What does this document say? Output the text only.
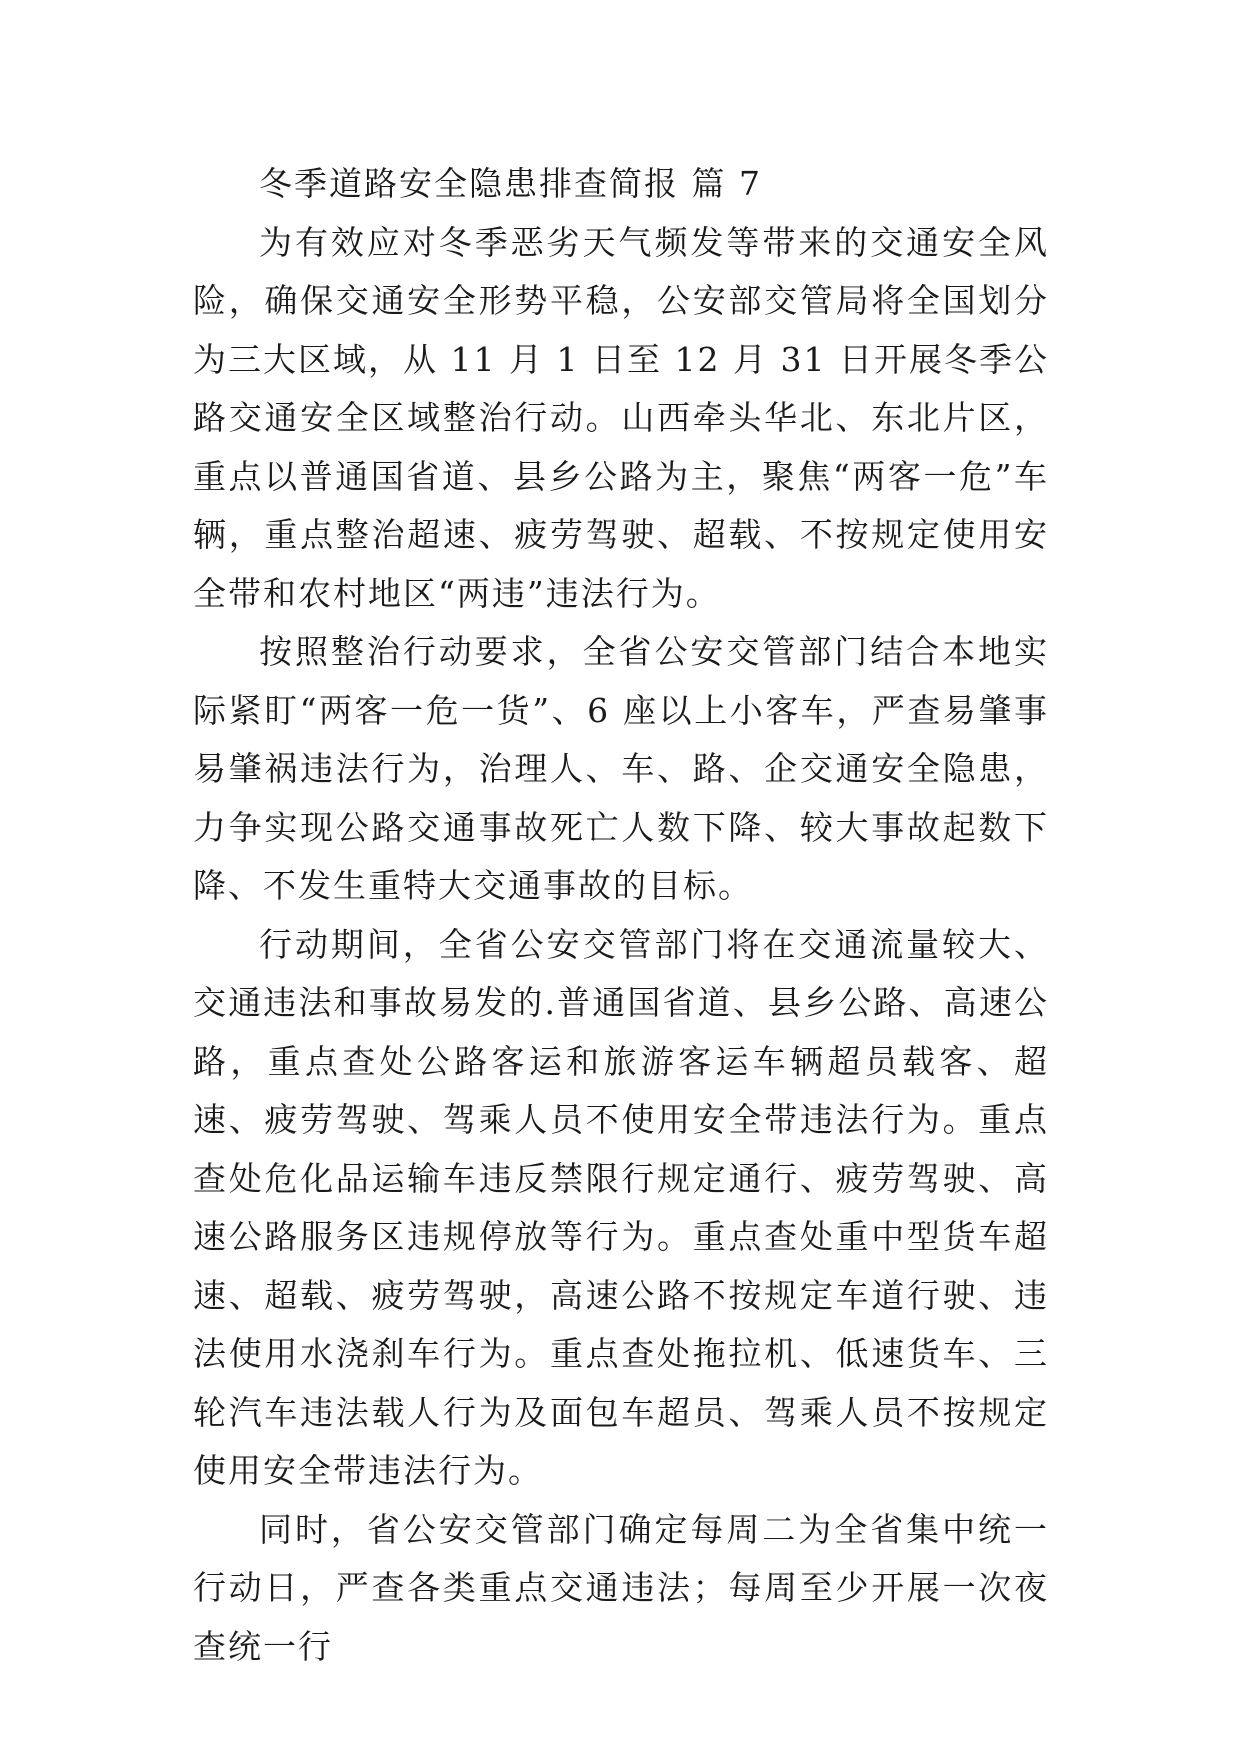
冬季道路安全隐患排查简报 篇 7

为有效应对冬季恶劣天气频发等带来的交通安全风险，确保交通安全形势平稳，公安部交管局将全国划分为三大区域，从 11 月 1 日至 12 月 31 日开展冬季公路交通安全区域整治行动。山西牵头华北、东北片区，重点以普通国省道、县乡公路为主，聚焦“两客一危”车辆，重点整治超速、疲劳驾驶、超载、不按规定使用安全带和农村地区“两违”违法行为。

按照整治行动要求，全省公安交管部门结合本地实际紧盯“两客一危一货”、6 座以上小客车，严查易肇事易肇祸违法行为，治理人、车、路、企交通安全隐患，力争实现公路交通事故死亡人数下降、较大事故起数下降、不发生重特大交通事故的目标。

行动期间，全省公安交管部门将在交通流量较大、交通违法和事故易发的.普通国省道、县乡公路、高速公路，重点查处公路客运和旅游客运车辆超员载客、超速、疲劳驾驶、驾乘人员不使用安全带违法行为。重点查处危化品运输车违反禁限行规定通行、疲劳驾驶、高速公路服务区违规停放等行为。重点查处重中型货车超速、超载、疲劳驾驶，高速公路不按规定车道行驶、违法使用水浇刹车行为。重点查处拖拉机、低速货车、三轮汽车违法载人行为及面包车超员、驾乘人员不按规定使用安全带违法行为。

同时，省公安交管部门确定每周二为全省集中统一行动日，严查各类重点交通违法；每周至少开展一次夜查统一行
